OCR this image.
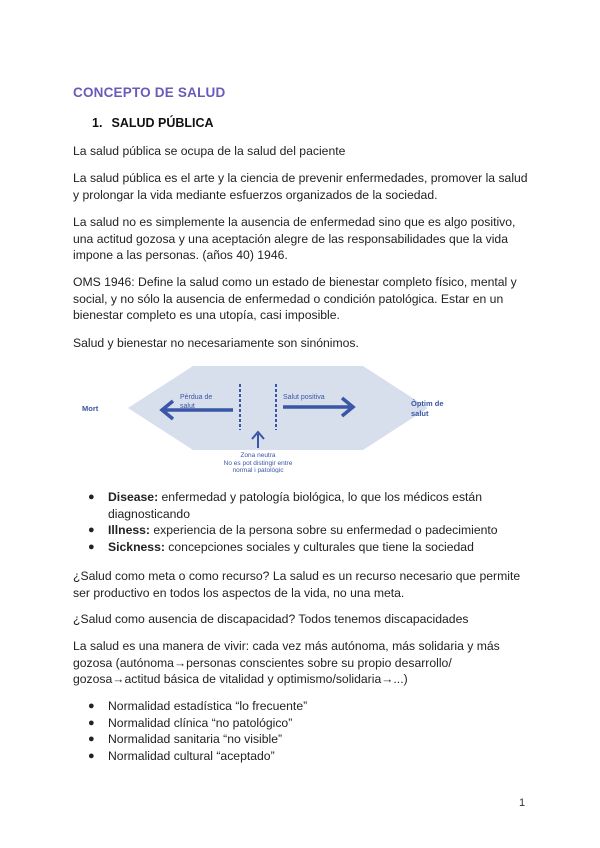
CONCEPTO DE SALUD
1. SALUD PÚBLICA

La salud pública se ocupa de la salud del paciente

La salud pública es el arte y la ciencia de prevenir enfermedades, promover la salud y prolongar la vida mediante esfuerzos organizados de la sociedad.

La salud no es simplemente la ausencia de enfermedad sino que es algo positivo, una actitud gozosa y una aceptación alegre de las responsabilidades que la vida impone a las personas. (años 40) 1946.

OMS 1946: Define la salud como un estado de bienestar completo físico, mental y social, y no sólo la ausencia de enfermedad o condición patológica. Estar en un bienestar completo es una utopía, casi imposible.

Salud y bienestar no necesariamente son sinónimos.

Mort
Òptim de
salut
Pèrdua de
salut
Salut positiva
Zona neutra
No es pot distingir entre
normal i patològic
● Disease: enfermedad y patología biológica, lo que los médicos están diagnosticando
● Illness: experiencia de la persona sobre su enfermedad o padecimiento
● Sickness: concepciones sociales y culturales que tiene la sociedad

¿Salud como meta o como recurso? La salud es un recurso necesario que permite ser productivo en todos los aspectos de la vida, no una meta.

¿Salud como ausencia de discapacidad? Todos tenemos discapacidades

La salud es una manera de vivir: cada vez más autónoma, más solidaria y más gozosa (autónoma→personas conscientes sobre su propio desarrollo/ gozosa→actitud básica de vitalidad y optimismo/solidaria→...)

● Normalidad estadística “lo frecuente”
● Normalidad clínica “no patológico”
● Normalidad sanitaria “no visible”
● Normalidad cultural “aceptado”
1
